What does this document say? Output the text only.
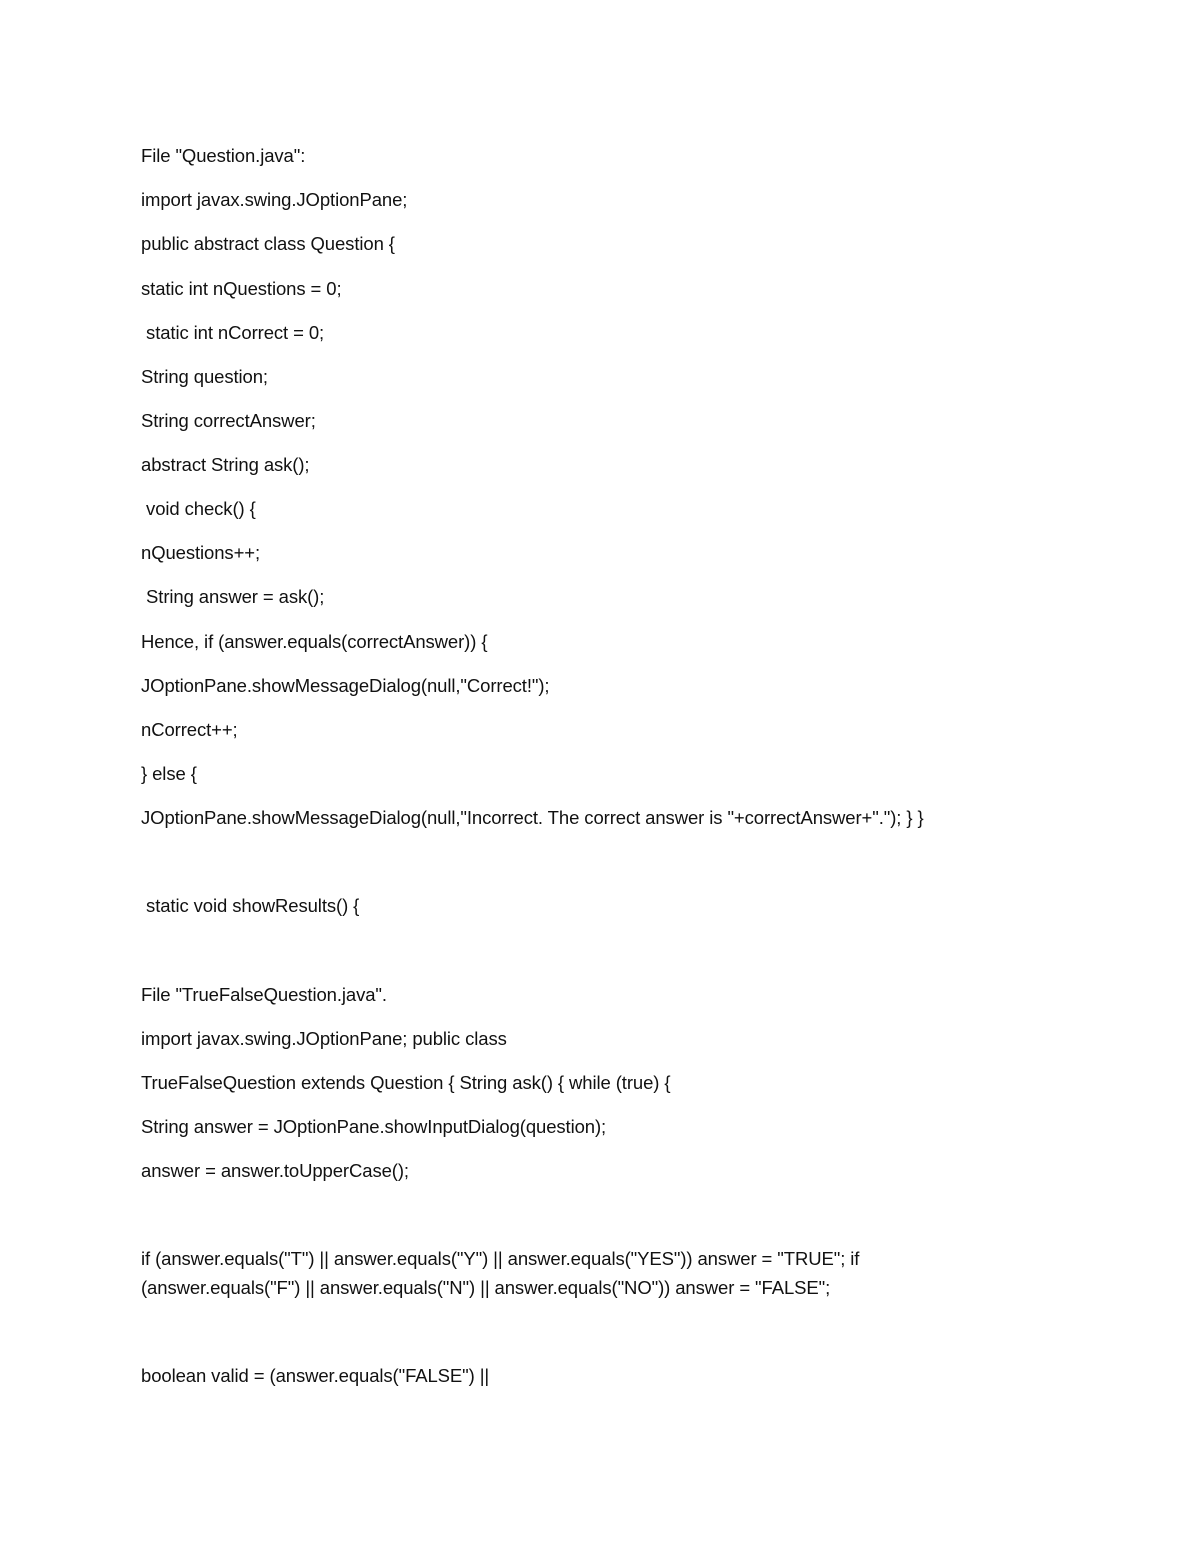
File "Question.java":
import javax.swing.JOptionPane;
public abstract class Question {
static int nQuestions = 0;
static int nCorrect = 0;
String question;
String correctAnswer;
abstract String ask();
void check() {
nQuestions++;
String answer = ask();
Hence, if (answer.equals(correctAnswer)) {
JOptionPane.showMessageDialog(null,"Correct!");
nCorrect++;
} else {
JOptionPane.showMessageDialog(null,"Incorrect. The correct answer is "+correctAnswer+"."); } }
static void showResults() {
File "TrueFalseQuestion.java".
import javax.swing.JOptionPane; public class
TrueFalseQuestion extends Question { String ask() { while (true) {
String answer = JOptionPane.showInputDialog(question);
answer = answer.toUpperCase();
if (answer.equals("T") || answer.equals("Y") || answer.equals("YES")) answer = "TRUE"; if
(answer.equals("F") || answer.equals("N") || answer.equals("NO")) answer = "FALSE";
boolean valid = (answer.equals("FALSE") ||
